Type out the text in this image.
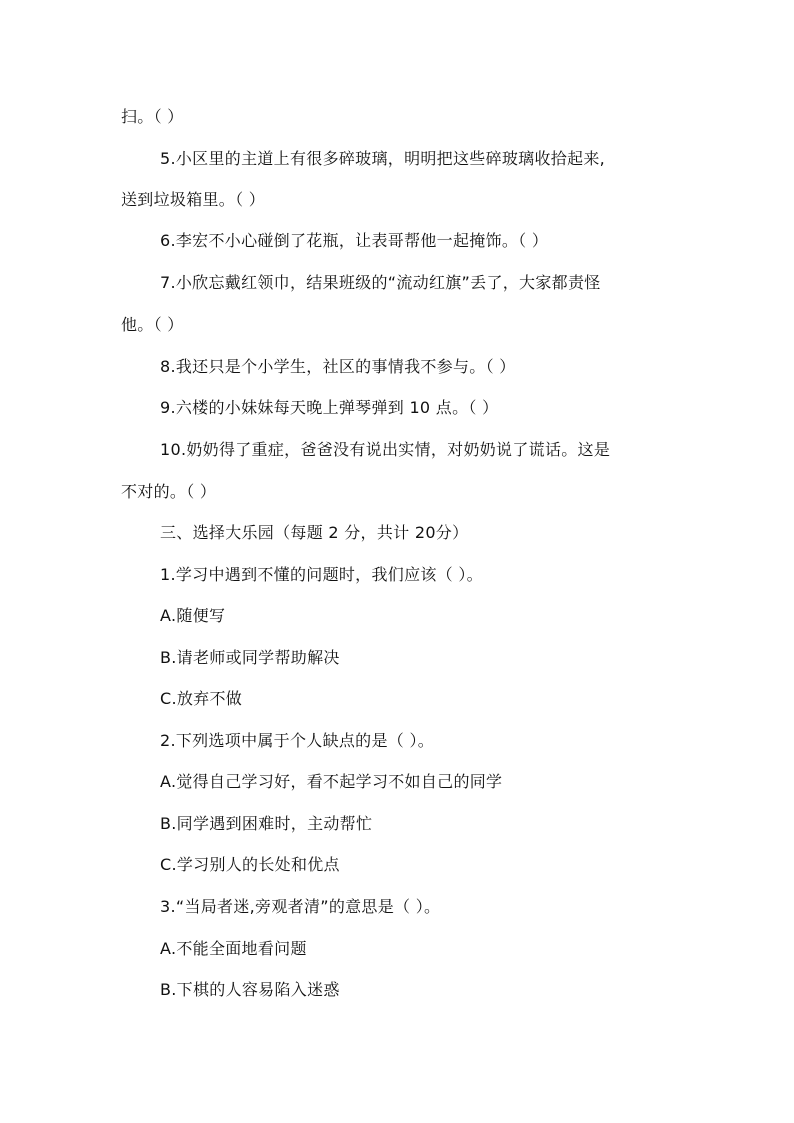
扫。（ ）
5.小区里的主道上有很多碎玻璃，明明把这些碎玻璃收拾起来,
送到垃圾箱里。（ ）
6.李宏不小心碰倒了花瓶，让表哥帮他一起掩饰。（ ）
7.小欣忘戴红领巾，结果班级的“流动红旗”丢了，大家都责怪
他。（ ）
8.我还只是个小学生，社区的事情我不参与。（ ）
9.六楼的小妹妹每天晚上弹琴弹到 10 点。（ ）
10.奶奶得了重症，爸爸没有说出实情，对奶奶说了谎话。这是
不对的。（ ）
三、选择大乐园（每题 2 分，共计 20分）
1.学习中遇到不懂的问题时，我们应该（ ）。
A.随便写
B.请老师或同学帮助解决
C.放弃不做
2.下列选项中属于个人缺点的是（ ）。
A.觉得自己学习好，看不起学习不如自己的同学
B.同学遇到困难时，主动帮忙
C.学习别人的长处和优点
3.“当局者迷,旁观者清”的意思是（ ）。
A.不能全面地看问题
B.下棋的人容易陷入迷惑
